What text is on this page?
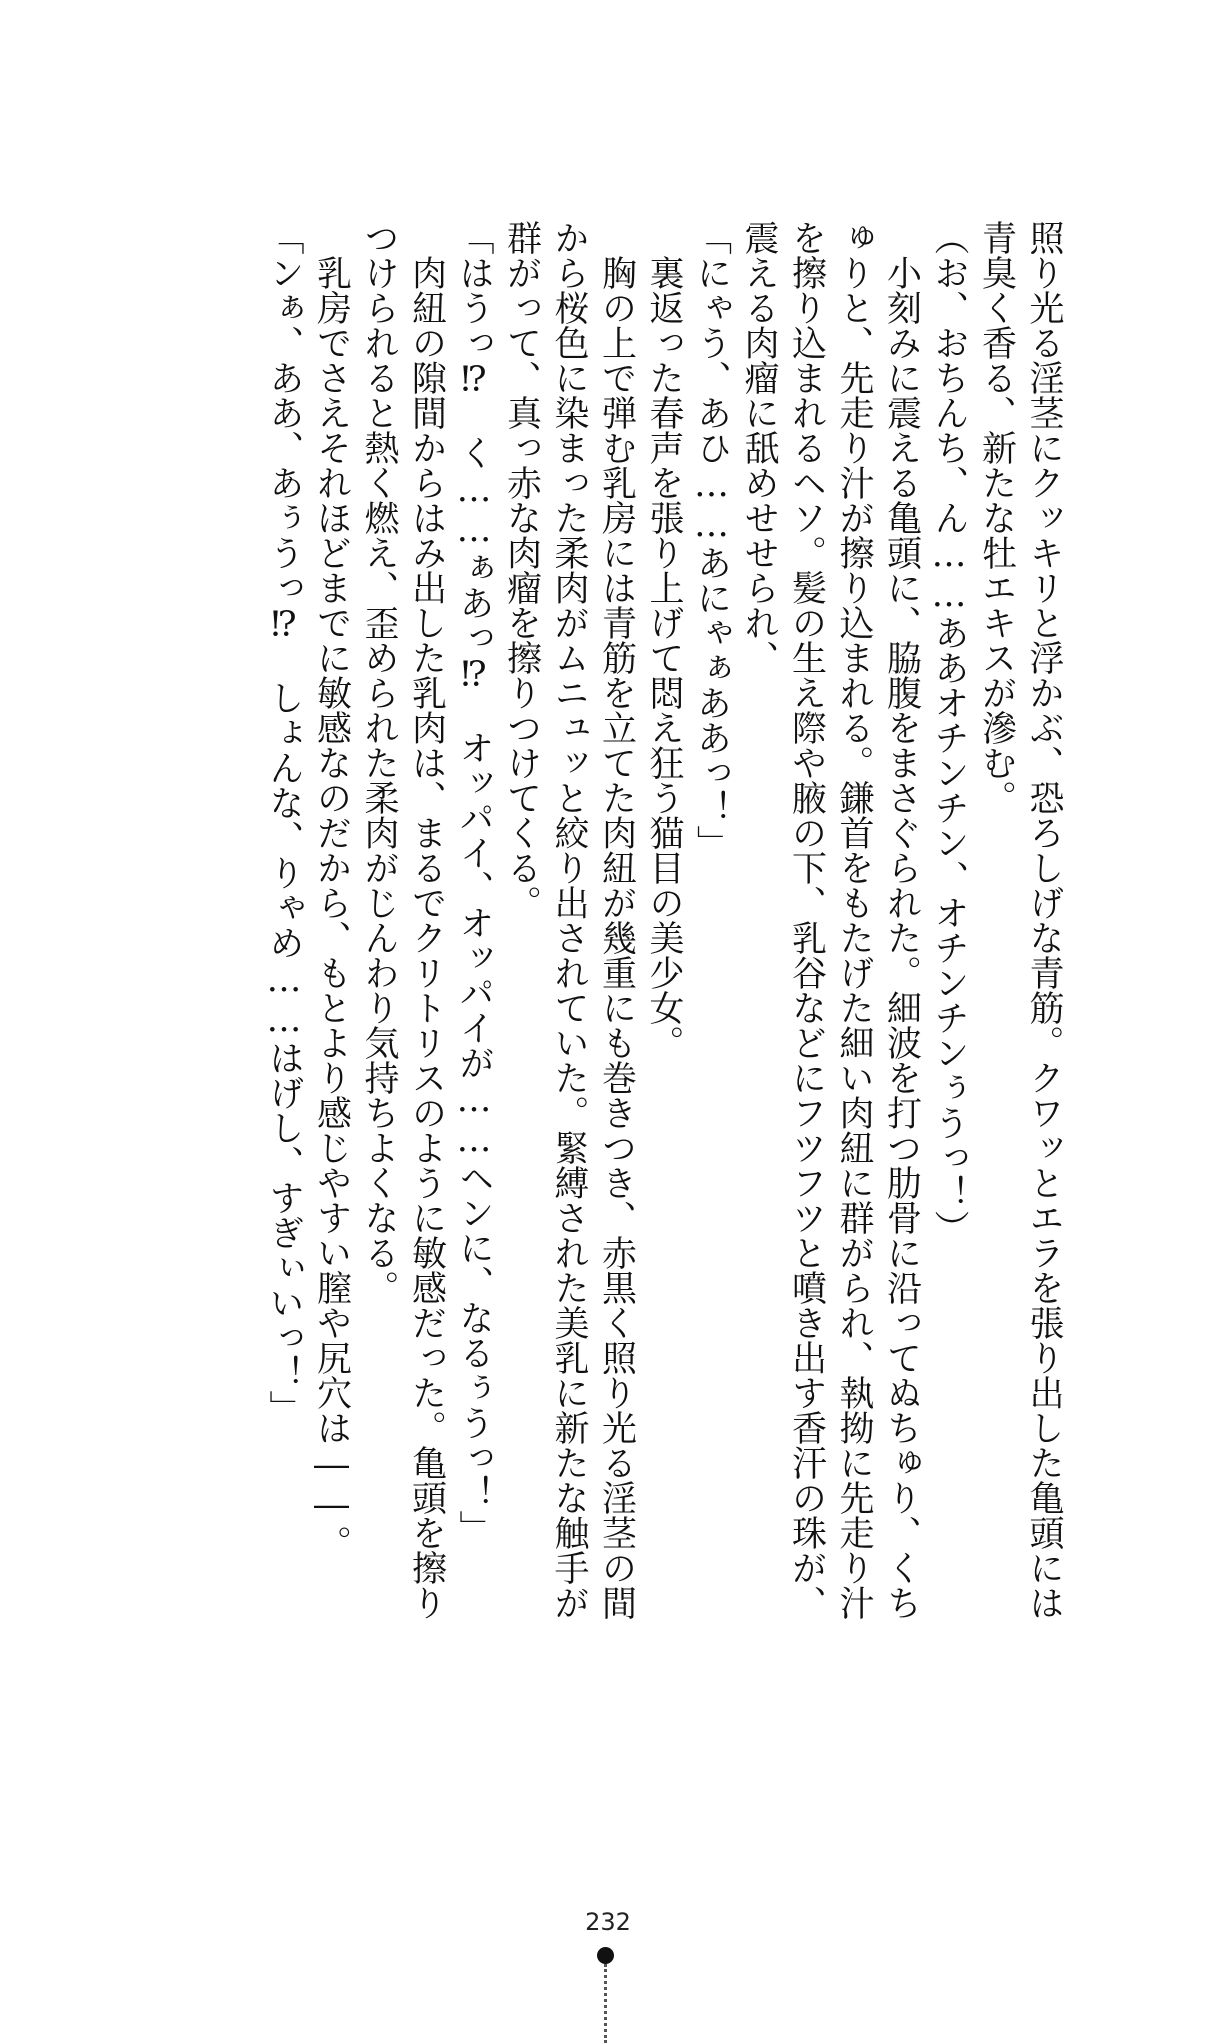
照り光る淫茎にクッキリと浮かぶ、恐ろしげな青筋。クワッとエラを張り出した亀頭には
青臭く香る、新たな牡エキスが滲む。
（お、おちんち、ん……ああオチンチン、オチンチンぅうっ！）
　小刻みに震える亀頭に、脇腹をまさぐられた。細波を打つ肋骨に沿ってぬちゅり、くち
ゅりと、先走り汁が擦り込まれる。鎌首をもたげた細い肉紐に群がられ、執拗に先走り汁
を擦り込まれるヘソ。髪の生え際や腋の下、乳谷などにフツフツと噴き出す香汗の珠が、
震える肉瘤に舐めせせられ、
「にゃう、あひ……あにゃぁああっ！」
　裏返った春声を張り上げて悶え狂う猫目の美少女。
　胸の上で弾む乳房には青筋を立てた肉紐が幾重にも巻きつき、赤黒く照り光る淫茎の間
から桜色に染まった柔肉がムニュッと絞り出されていた。緊縛された美乳に新たな触手が
群がって、真っ赤な肉瘤を擦りつけてくる。
「はうっ⁉　く……ぁあっ⁉　オッパイ、オッパイが……ヘンに、なるぅうっ！」
　肉紐の隙間からはみ出した乳肉は、まるでクリトリスのように敏感だった。亀頭を擦り
つけられると熱く燃え、歪められた柔肉がじんわり気持ちよくなる。
　乳房でさえそれほどまでに敏感なのだから、もとより感じやすい膣や尻穴は――。
「ンぁ、ああ、あぅうっ⁉　しょんな、りゃめ……はげし、すぎぃいっ！」
232
